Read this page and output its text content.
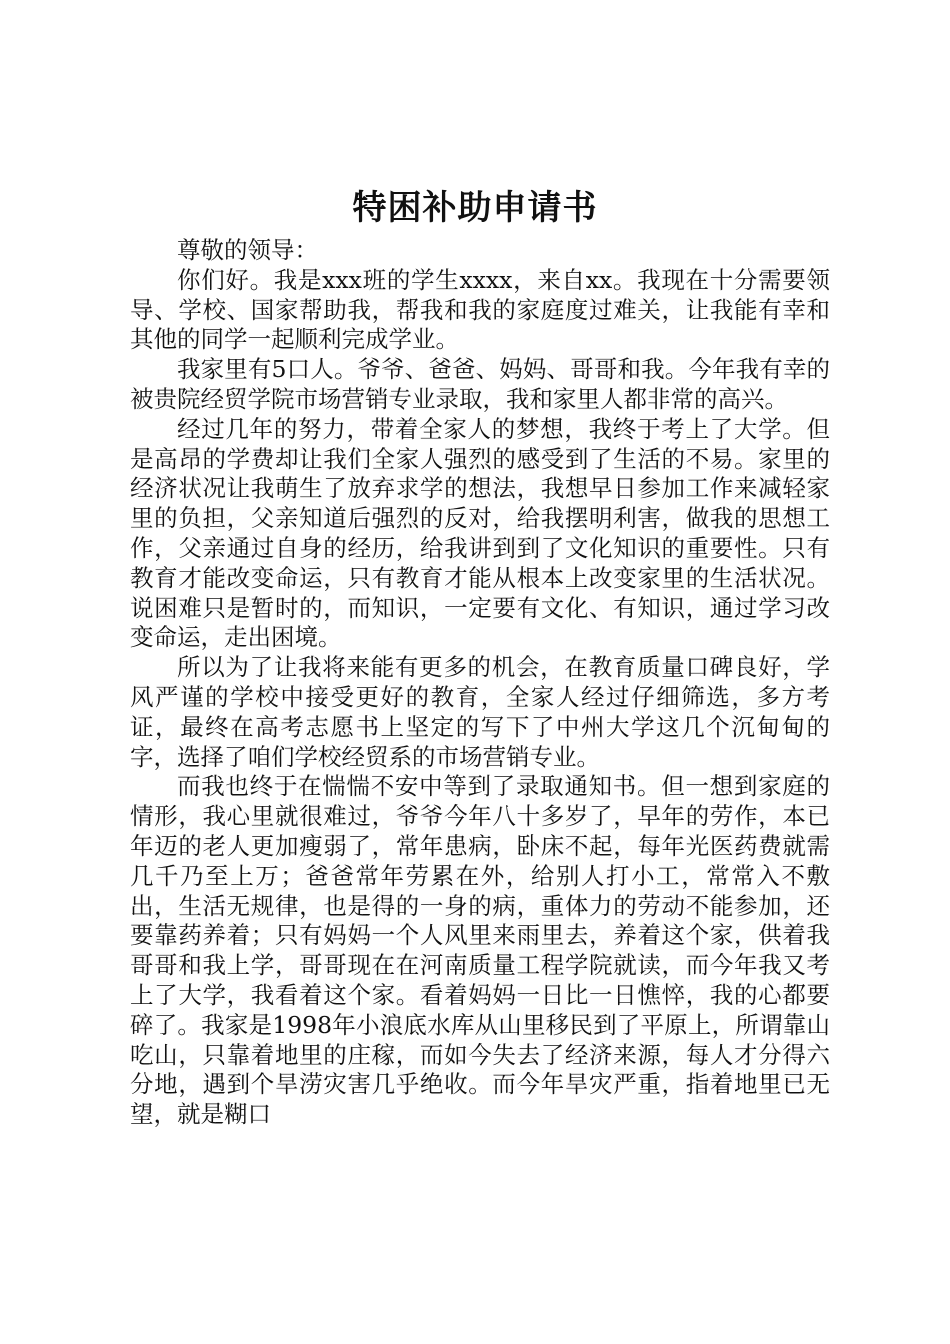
特困补助申请书

尊敬的领导：

你们好。我是xxx班的学生xxxx，来自xx。我现在十分需要领导、学校、国家帮助我，帮我和我的家庭度过难关，让我能有幸和其他的同学一起顺利完成学业。

我家里有5口人。爷爷、爸爸、妈妈、哥哥和我。今年我有幸的被贵院经贸学院市场营销专业录取，我和家里人都非常的高兴。

经过几年的努力，带着全家人的梦想，我终于考上了大学。但是高昂的学费却让我们全家人强烈的感受到了生活的不易。家里的经济状况让我萌生了放弃求学的想法，我想早日参加工作来减轻家里的负担，父亲知道后强烈的反对，给我摆明利害，做我的思想工作，父亲通过自身的经历，给我讲到到了文化知识的重要性。只有教育才能改变命运，只有教育才能从根本上改变家里的生活状况。说困难只是暂时的，而知识，一定要有文化、有知识，通过学习改变命运，走出困境。

所以为了让我将来能有更多的机会，在教育质量口碑良好，学风严谨的学校中接受更好的教育，全家人经过仔细筛选，多方考证，最终在高考志愿书上坚定的写下了中州大学这几个沉甸甸的字，选择了咱们学校经贸系的市场营销专业。

而我也终于在惴惴不安中等到了录取通知书。但一想到家庭的情形，我心里就很难过，爷爷今年八十多岁了，早年的劳作，本已年迈的老人更加瘦弱了，常年患病，卧床不起，每年光医药费就需几千乃至上万；爸爸常年劳累在外，给别人打小工，常常入不敷出，生活无规律，也是得的一身的病，重体力的劳动不能参加，还要靠药养着；只有妈妈一个人风里来雨里去，养着这个家，供着我哥哥和我上学，哥哥现在在河南质量工程学院就读，而今年我又考上了大学，我看着这个家。看着妈妈一日比一日憔悴，我的心都要碎了。我家是1998年小浪底水库从山里移民到了平原上，所谓靠山吃山，只靠着地里的庄稼，而如今失去了经济来源，每人才分得六分地，遇到个旱涝灾害几乎绝收。而今年旱灾严重，指着地里已无望，就是糊口
